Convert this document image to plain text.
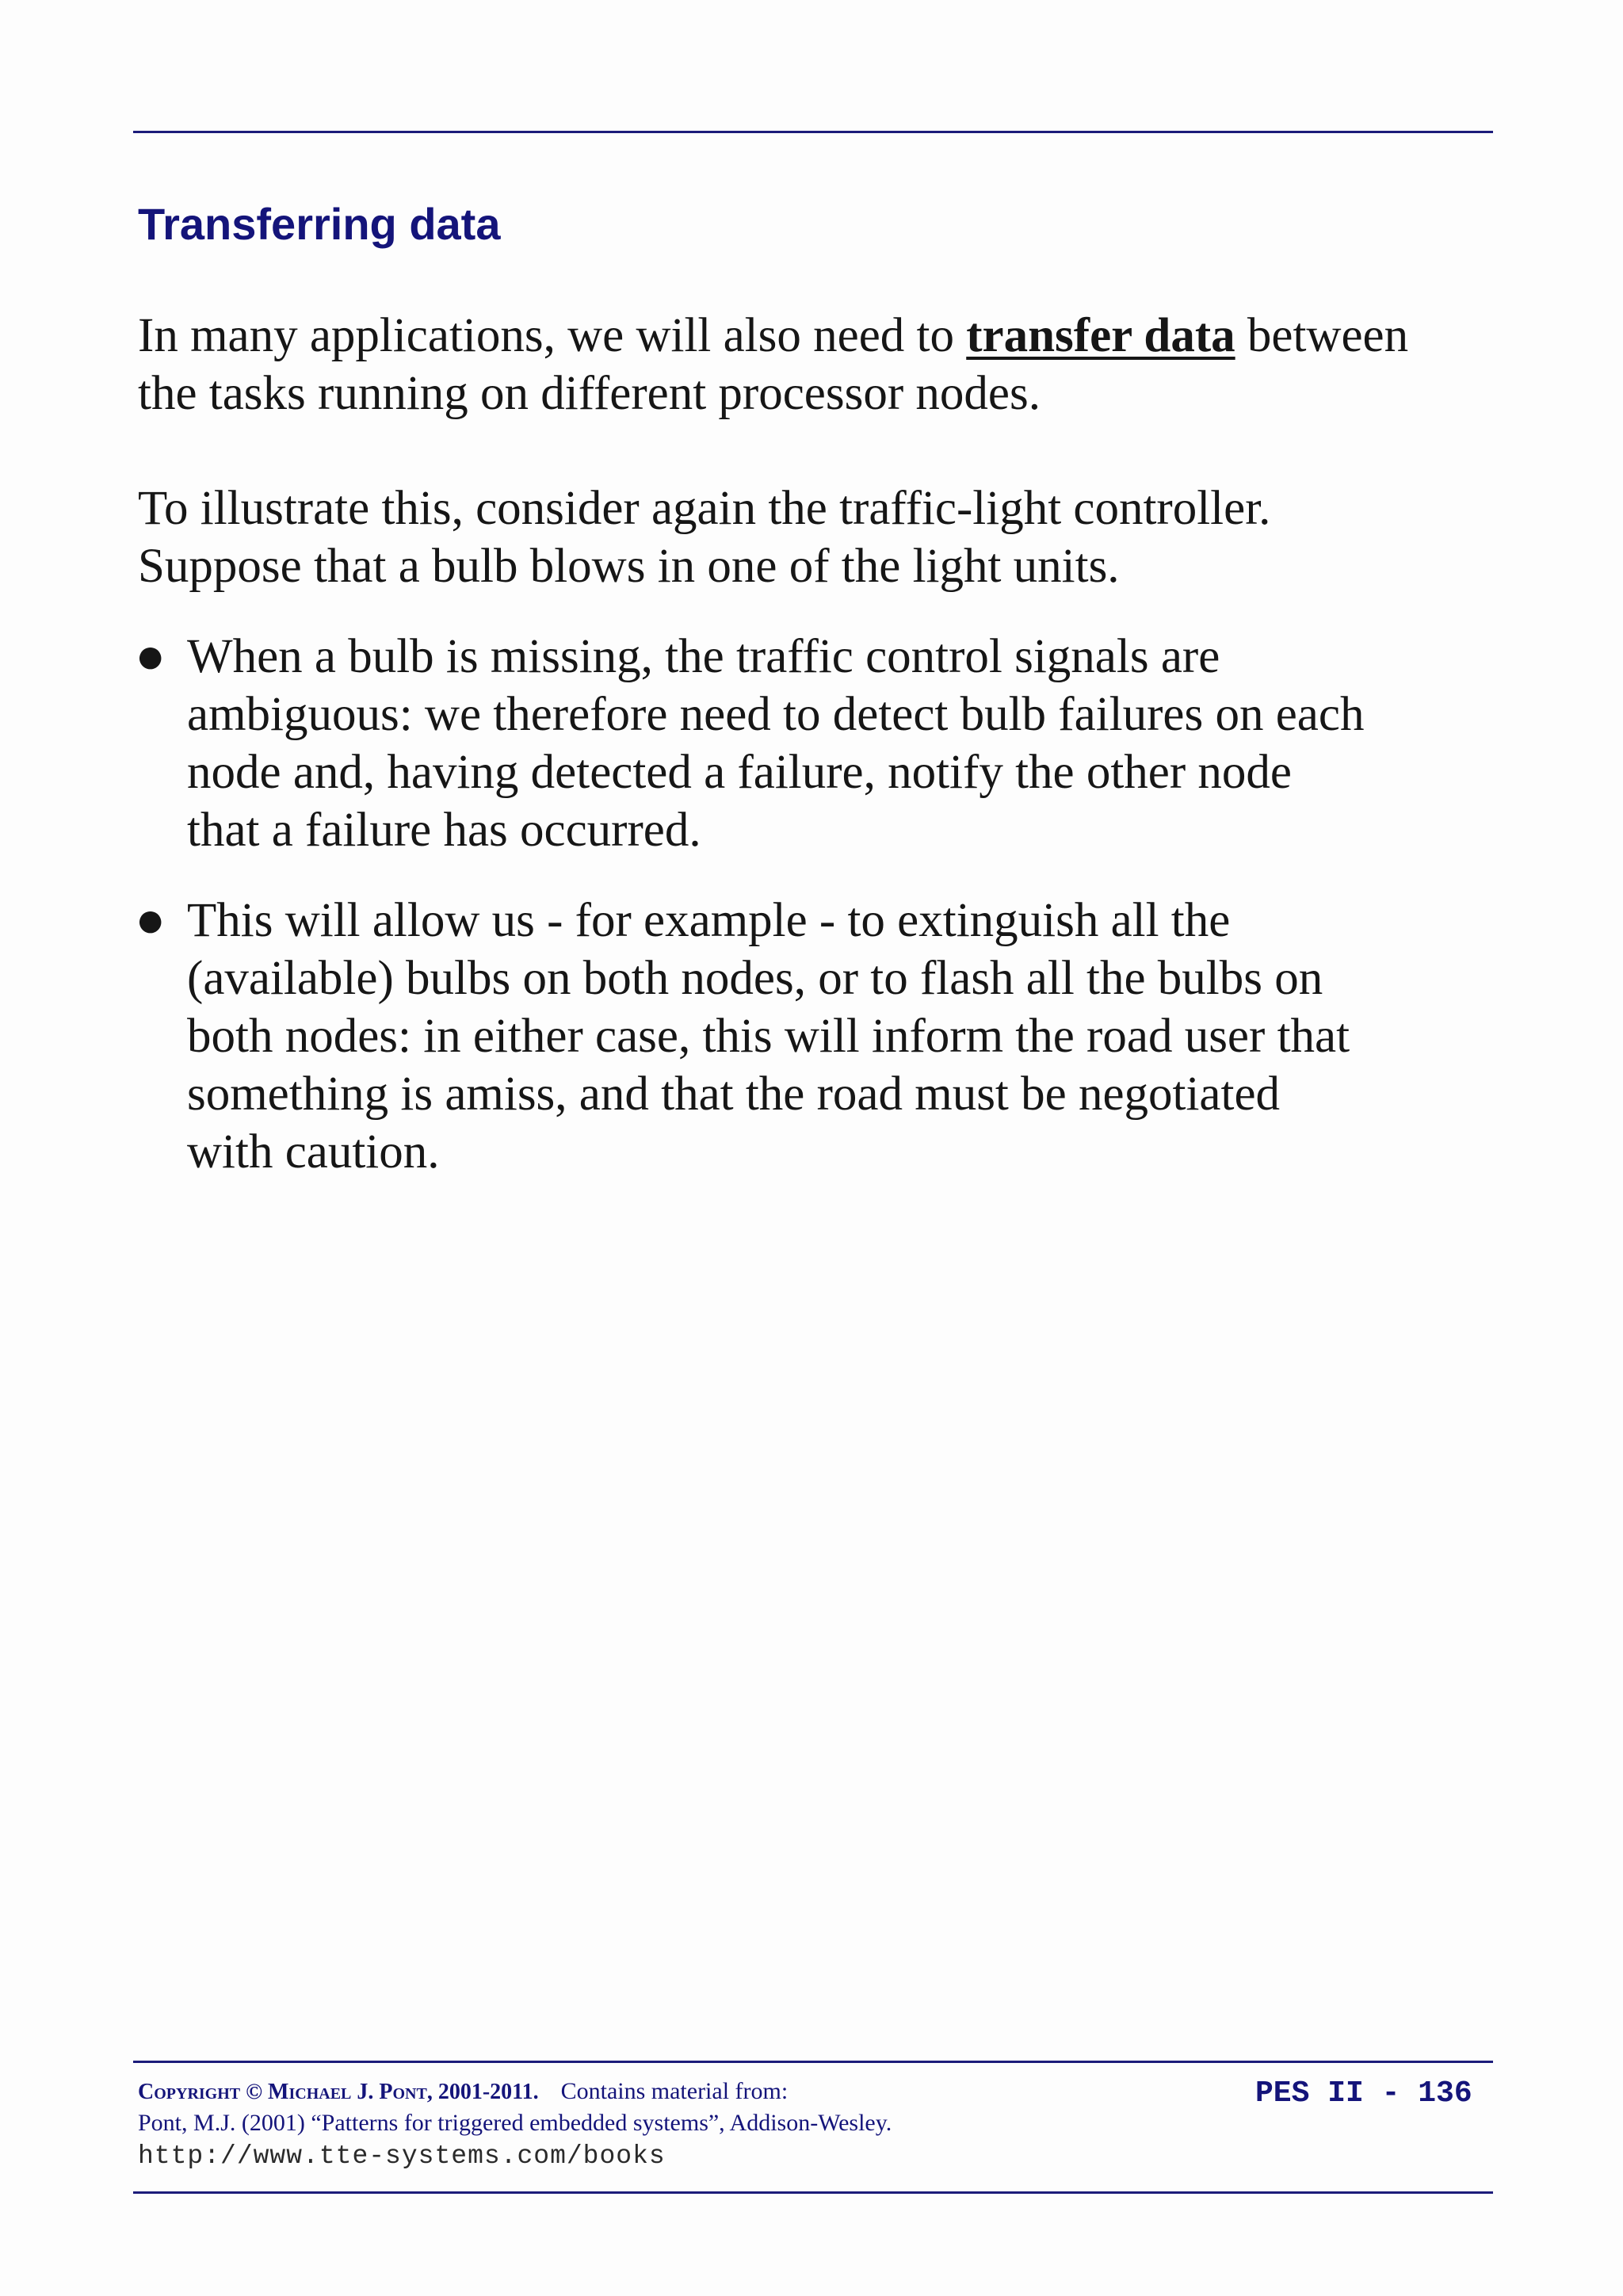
Transferring data

In many applications, we will also need to transfer data between
the tasks running on different processor nodes.

To illustrate this, consider again the traffic-light controller.
Suppose that a bulb blows in one of the light units.

● When a bulb is missing, the traffic control signals are
ambiguous: we therefore need to detect bulb failures on each
node and, having detected a failure, notify the other node
that a failure has occurred.

● This will allow us - for example - to extinguish all the
(available) bulbs on both nodes, or to flash all the bulbs on
both nodes: in either case, this will inform the road user that
something is amiss, and that the road must be negotiated
with caution.

Copyright © Michael J. Pont, 2001-2011. Contains material from:
Pont, M.J. (2001) “Patterns for triggered embedded systems”, Addison-Wesley.
http://www.tte-systems.com/books
PES II - 136
